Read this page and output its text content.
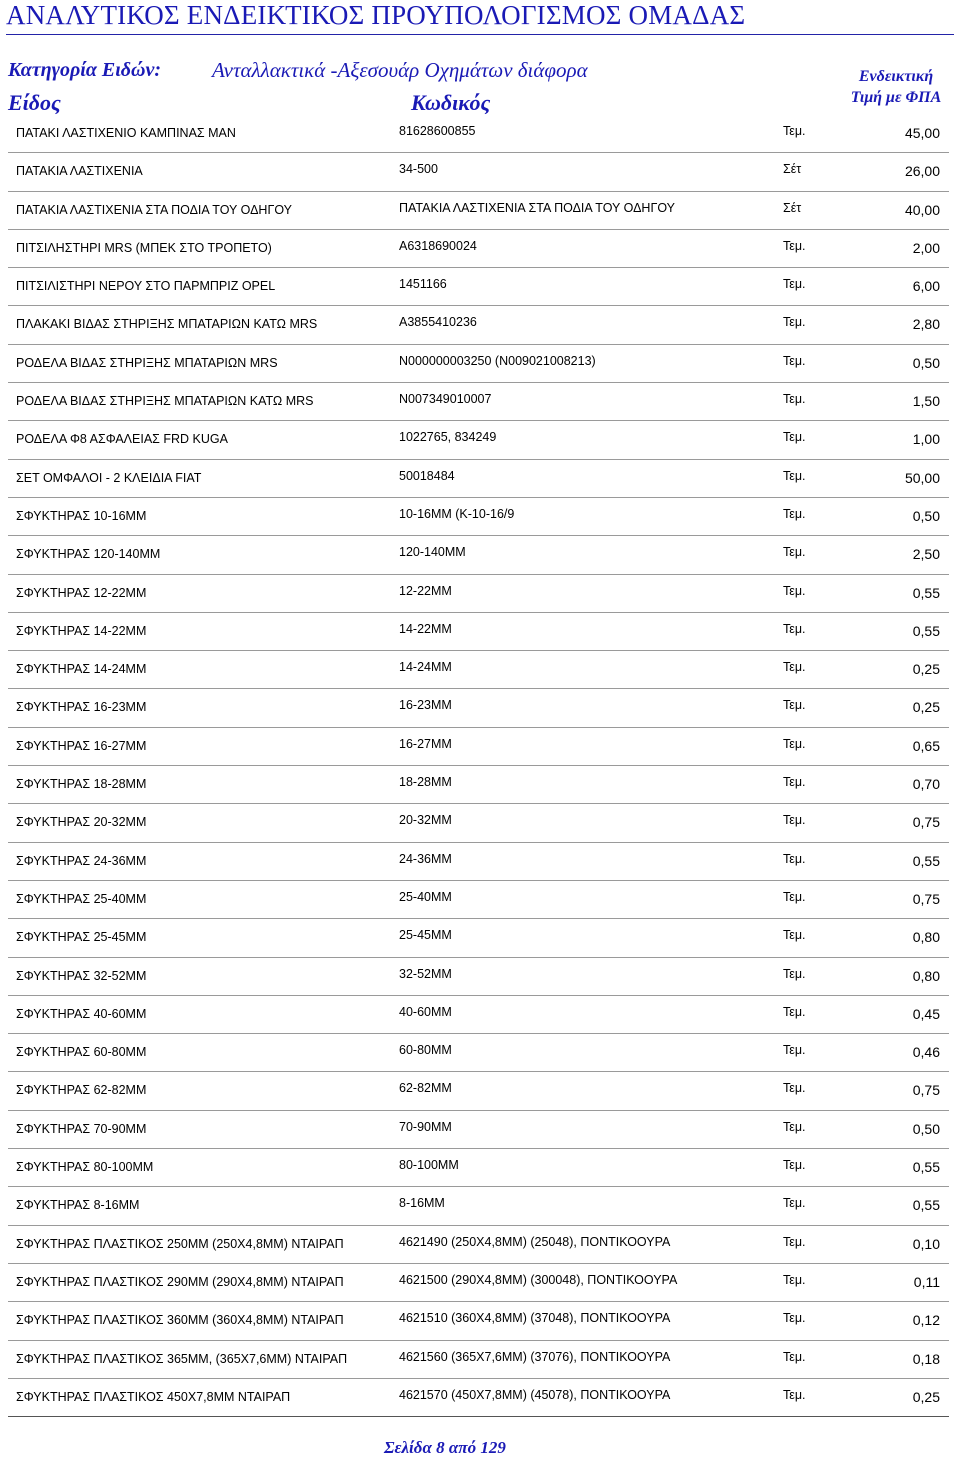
ΑΝΑΛΥΤΙΚΟΣ ΕΝΔΕΙΚΤΙΚΟΣ ΠΡΟΥΠΟΛΟΓΙΣΜΟΣ ΟΜΑΔΑΣ
Κατηγορία Ειδών: Ανταλλακτικά -Αξεσουάρ Οχημάτων διάφορα	Ενδεικτική
Τιμή με ΦΠΑ
Είδος	Κωδικός
ΠΑΤΑΚΙ ΛΑΣΤΙΧΕΝΙΟ ΚΑΜΠΙΝΑΣ MAN	81628600855	Τεμ.	45,00
ΠΑΤΑΚΙΑ ΛΑΣΤΙΧΕΝΙΑ	34-500	Σέτ	26,00
ΠΑΤΑΚΙΑ ΛΑΣΤΙΧΕΝΙΑ ΣΤΑ ΠΟΔΙΑ ΤΟΥ ΟΔΗΓΟΥ	ΠΑΤΑΚΙΑ ΛΑΣΤΙΧΕΝΙΑ ΣΤΑ ΠΟΔΙΑ ΤΟΥ ΟΔΗΓΟΥ	Σέτ	40,00
ΠΙΤΣΙΛΗΣΤΗΡΙ MRS (ΜΠΕΚ ΣΤΟ ΤΡΟΠΕΤΟ)	A6318690024	Τεμ.	2,00
ΠΙΤΣΙΛΙΣΤΗΡΙ ΝΕΡΟΥ ΣΤΟ ΠΑΡΜΠΡΙΖ OPEL	1451166	Τεμ.	6,00
ΠΛΑΚΑΚΙ ΒΙΔΑΣ ΣΤΗΡΙΞΗΣ ΜΠΑΤΑΡΙΩΝ ΚΑΤΩ MRS	A3855410236	Τεμ.	2,80
ΡΟΔΕΛΑ ΒΙΔΑΣ ΣΤΗΡΙΞΗΣ ΜΠΑΤΑΡΙΩΝ MRS	N000000003250 (N009021008213)	Τεμ.	0,50
ΡΟΔΕΛΑ ΒΙΔΑΣ ΣΤΗΡΙΞΗΣ ΜΠΑΤΑΡΙΩΝ ΚΑΤΩ MRS	N007349010007	Τεμ.	1,50
ΡΟΔΕΛΑ Φ8 ΑΣΦΑΛΕΙΑΣ FRD KUGA	1022765, 834249	Τεμ.	1,00
ΣΕΤ ΟΜΦΑΛΟΙ - 2 ΚΛΕΙΔΙΑ FIAT	50018484	Τεμ.	50,00
ΣΦΥΚΤΗΡΑΣ 10-16ΜΜ	10-16ΜΜ (K-10-16/9	Τεμ.	0,50
ΣΦΥΚΤΗΡΑΣ 120-140ΜΜ	120-140ΜΜ	Τεμ.	2,50
ΣΦΥΚΤΗΡΑΣ 12-22ΜΜ	12-22ΜΜ	Τεμ.	0,55
ΣΦΥΚΤΗΡΑΣ 14-22ΜΜ	14-22ΜΜ	Τεμ.	0,55
ΣΦΥΚΤΗΡΑΣ 14-24ΜΜ	14-24ΜΜ	Τεμ.	0,25
ΣΦΥΚΤΗΡΑΣ 16-23ΜΜ	16-23ΜΜ	Τεμ.	0,25
ΣΦΥΚΤΗΡΑΣ 16-27ΜΜ	16-27ΜΜ	Τεμ.	0,65
ΣΦΥΚΤΗΡΑΣ 18-28ΜΜ	18-28ΜΜ	Τεμ.	0,70
ΣΦΥΚΤΗΡΑΣ 20-32ΜΜ	20-32ΜΜ	Τεμ.	0,75
ΣΦΥΚΤΗΡΑΣ 24-36ΜΜ	24-36ΜΜ	Τεμ.	0,55
ΣΦΥΚΤΗΡΑΣ 25-40ΜΜ	25-40ΜΜ	Τεμ.	0,75
ΣΦΥΚΤΗΡΑΣ 25-45ΜΜ	25-45ΜΜ	Τεμ.	0,80
ΣΦΥΚΤΗΡΑΣ 32-52ΜΜ	32-52ΜΜ	Τεμ.	0,80
ΣΦΥΚΤΗΡΑΣ 40-60ΜΜ	40-60ΜΜ	Τεμ.	0,45
ΣΦΥΚΤΗΡΑΣ 60-80ΜΜ	60-80ΜΜ	Τεμ.	0,46
ΣΦΥΚΤΗΡΑΣ 62-82ΜΜ	62-82ΜΜ	Τεμ.	0,75
ΣΦΥΚΤΗΡΑΣ 70-90ΜΜ	70-90ΜΜ	Τεμ.	0,50
ΣΦΥΚΤΗΡΑΣ 80-100ΜΜ	80-100ΜΜ	Τεμ.	0,55
ΣΦΥΚΤΗΡΑΣ 8-16ΜΜ	8-16ΜΜ	Τεμ.	0,55
ΣΦΥΚΤΗΡΑΣ ΠΛΑΣΤΙΚΟΣ 250ΜΜ (250Χ4,8ΜΜ) ΝΤΑΙΡΑΠ	4621490 (250Χ4,8ΜΜ) (25048), ΠΟΝΤΙΚΟΟΥΡΑ	Τεμ.	0,10
ΣΦΥΚΤΗΡΑΣ ΠΛΑΣΤΙΚΟΣ 290ΜΜ (290Χ4,8ΜΜ) ΝΤΑΙΡΑΠ	4621500 (290Χ4,8ΜΜ) (300048), ΠΟΝΤΙΚΟΟΥΡΑ	Τεμ.	0,11
ΣΦΥΚΤΗΡΑΣ ΠΛΑΣΤΙΚΟΣ 360ΜΜ (360Χ4,8ΜΜ) ΝΤΑΙΡΑΠ	4621510 (360Χ4,8ΜΜ) (37048), ΠΟΝΤΙΚΟΟΥΡΑ	Τεμ.	0,12
ΣΦΥΚΤΗΡΑΣ ΠΛΑΣΤΙΚΟΣ 365ΜΜ, (365Χ7,6ΜΜ) ΝΤΑΙΡΑΠ	4621560 (365Χ7,6ΜΜ) (37076), ΠΟΝΤΙΚΟΟΥΡΑ	Τεμ.	0,18
ΣΦΥΚΤΗΡΑΣ ΠΛΑΣΤΙΚΟΣ 450Χ7,8ΜΜ ΝΤΑΙΡΑΠ	4621570 (450Χ7,8ΜΜ) (45078), ΠΟΝΤΙΚΟΟΥΡΑ	Τεμ.	0,25
Σελίδα 8 από 129
